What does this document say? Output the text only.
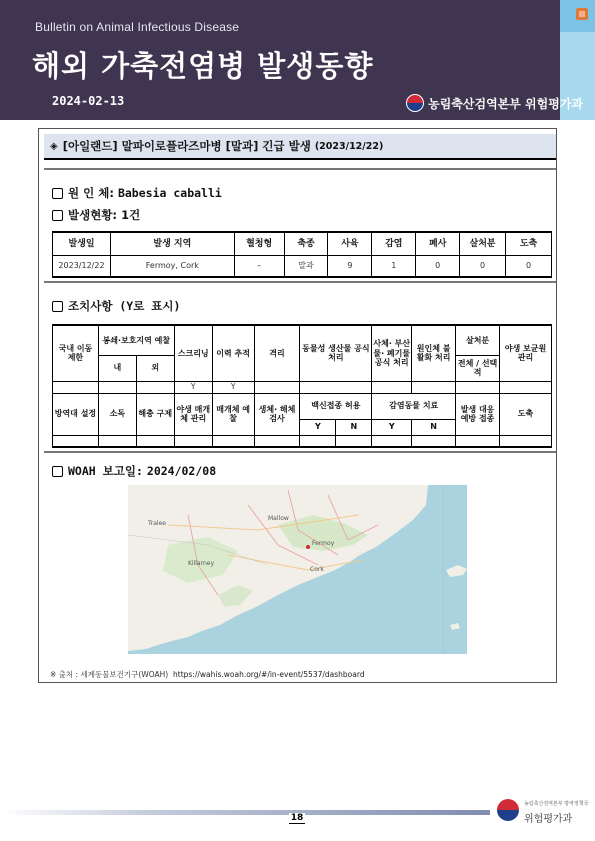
Bulletin on Animal Infectious Disease
해외 가축전염병 발생동향
2024-02-13	농림축산검역본부 위험평가과
◈ [아일랜드] 말파이로플라즈마병 [말과] 긴급 발생 (2023/12/22)
원 인 체:
Babesia caballi
발생현황:
1건
발생일	발생 지역	혈청형	축종	사육	감염	폐사	살처분	도축
2023/12/22	Fermoy, Cork	–	말과	9	1	0	0	0
조치사항 (Y로 표시)
국내 이동 제한	봉쇄·보호지역 예찰		스크리닝	이력 추적	격리	동물성 생산물 공식 처리		사체· 부산물· 폐기물 공식 처리	원인체 불활화 처리	살처분	야생 보균원 관리
	내	외								전체 / 선택적	
			Y	Y							
방역대 설정	소독	해충 구제	야생 매개체 관리	매개체 예찰	생체· 해체 검사	백신접종 허용		감염동물 치료		발생 대응 예방 접종	도축
						Y	N	Y	N		

WOAH 보고일:
2024/02/08
Mallow
Fermoy
Cork
Killarney
Tralee
※ 출처 : 세계동물보건기구(WOAH) https://wahis.woah.org/#/in-event/5537/dashboard
18
농림축산검역본부 방역정책국
위험평가과
